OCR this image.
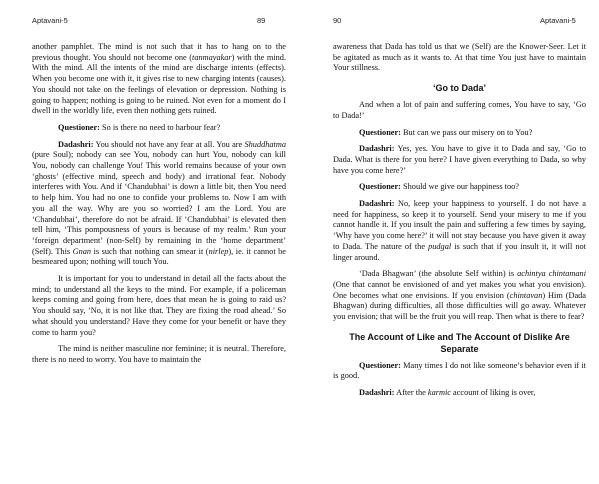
Aptavani-5	89

another pamphlet. The mind is not such that it has to hang on to the previous thought. You should not become one (tanmayakar) with the mind. With the mind. All the intents of the mind are discharge intents (effects). When you become one with it, it gives rise to new charging intents (causes). You should not take on the feelings of elevation or depression. Nothing is going to happen; nothing is going to be ruined. Not even for a moment do I dwell in the worldly life, even then nothing gets ruined.

Questioner: So is there no need to harbour fear?

Dadashri: You should not have any fear at all. You are Shuddhatma (pure Soul); nobody can see You, nobody can hurt You, nobody can kill You, nobody can challenge You! This world remains because of your own ‘ghosts’ (effective mind, speech and body) and irrational fear. Nobody interferes with You. And if ‘Chandubhai’ is down a little bit, then You need to help him. You had no one to confide your problems to. Now I am with you all the way. Why are you so worried? I am the Lord. You are ‘Chandubhai’, therefore do not be afraid. If ‘Chandubhai’ is elevated then tell him, ‘This pompousness of yours is because of my realm.’ Run your ‘foreign department’ (non-Self) by remaining in the ‘home department’ (Self). This Gnan is such that nothing can smear it (nirlep), ie. it cannot be besmeared upon; nothing will touch You.

It is important for you to understand in detail all the facts about the mind; to understand all the keys to the mind. For example, if a policeman keeps coming and going from here, does that mean he is going to raid us? You should say, ‘No, it is not like that. They are fixing the road ahead.’ So what should you understand? Have they come for your benefit or have they come to harm you?

The mind is neither masculine nor feminine; it is neutral. Therefore, there is no need to worry. You have to maintain the

90	Aptavani-5

awareness that Dada has told us that we (Self) are the Knower-Seer. Let it be agitated as much as it wants to. At that time You just have to maintain Your stillness.

‘Go to Dada’

And when a lot of pain and suffering comes, You have to say, ‘Go to Dada!’

Questioner: But can we pass our misery on to You?

Dadashri: Yes, yes. You have to give it to Dada and say, ‘Go to Dada. What is there for you here? I have given everything to Dada, so why have you come here?’

Questioner: Should we give our happiness too?

Dadashri: No, keep your happiness to yourself. I do not have a need for happiness, so keep it to yourself. Send your misery to me if you cannot handle it. If you insult the pain and suffering a few times by saying, ‘Why have you come here?’ it will not stay because you have given it away to Dada. The nature of the pudgal is such that if you insult it, it will not linger around.

‘Dada Bhagwan’ (the absolute Self within) is achintya chintamani (One that cannot be envisioned of and yet makes you what you envision). One becomes what one envisions. If you envision (chintavan) Him (Dada Bhagwan) during difficulties, all those difficulties will go away. Whatever you envision; that will be the fruit you will reap. Then what is there to fear?

The Account of Like and The Account of Dislike Are Separate

Questioner: Many times I do not like someone’s behavior even if it is good.

Dadashri: After the karmic account of liking is over,
